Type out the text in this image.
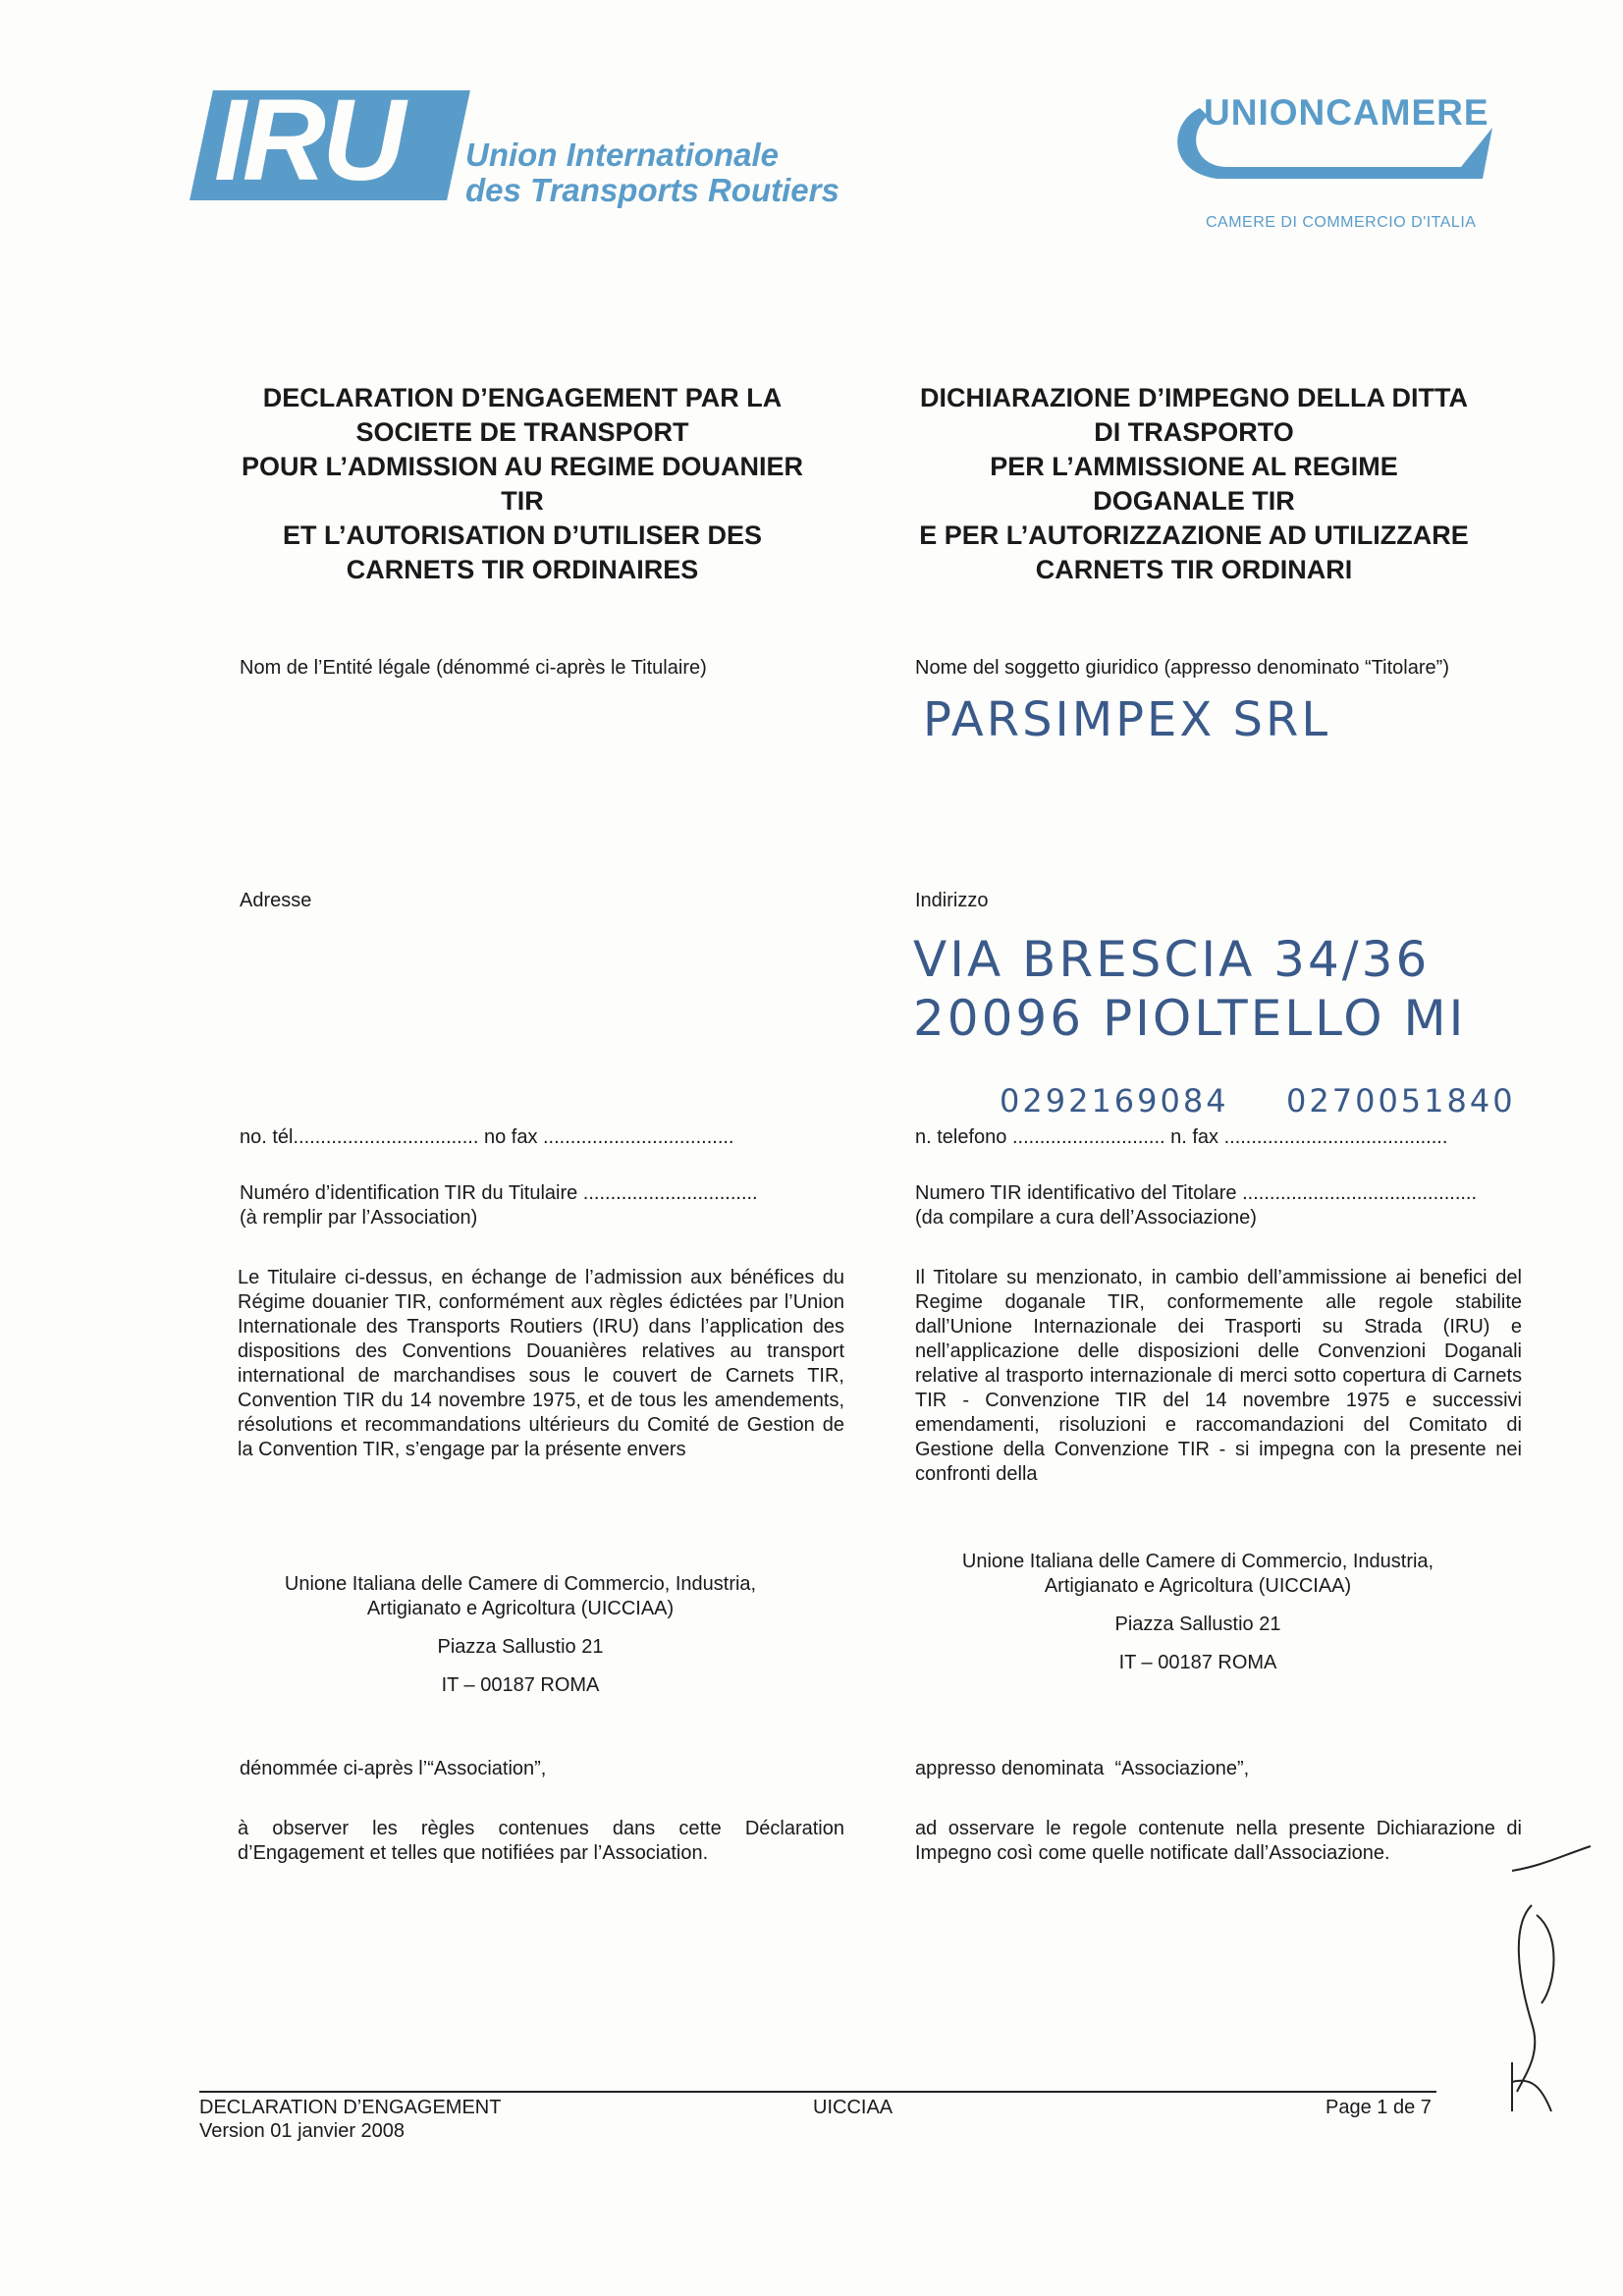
IRU Union Internationale
des Transports Routiers
UNIONCAMERE
CAMERE DI COMMERCIO D'ITALIA
DECLARATION D’ENGAGEMENT PAR LA
SOCIETE DE TRANSPORT
POUR L’ADMISSION AU REGIME DOUANIER
TIR
ET L’AUTORISATION D’UTILISER DES
CARNETS TIR ORDINAIRES
DICHIARAZIONE D’IMPEGNO DELLA DITTA
DI TRASPORTO
PER L’AMMISSIONE AL REGIME
DOGANALE TIR
E PER L’AUTORIZZAZIONE AD UTILIZZARE
CARNETS TIR ORDINARI
Nom de l’Entité légale (dénommé ci-après le Titulaire)	Nome del soggetto giuridico (appresso denominato “Titolare”)
PARSIMPEX SRL
Adresse	Indirizzo
VIA BRESCIA 34/36
20096 PIOLTELLO MI
0292169084 0270051840
no. tél.................................. no fax ...................................	n. telefono ............................ n. fax .........................................
Numéro d’identification TIR du Titulaire ................................
(à remplir par l’Association)
Numero TIR identificativo del Titolare ...........................................
(da compilare a cura dell’Associazione)
Le Titulaire ci-dessus, en échange de l’admission aux bénéfices du Régime douanier TIR, conformément aux règles édictées par l’Union Internationale des Transports Routiers (IRU) dans l’application des dispositions des Conventions Douanières relatives au transport international de marchandises sous le couvert de Carnets TIR, Convention TIR du 14 novembre 1975, et de tous les amendements, résolutions et recommandations ultérieurs du Comité de Gestion de la Convention TIR, s’engage par la présente envers
Il Titolare su menzionato, in cambio dell’ammissione ai benefici del Regime doganale TIR, conformemente alle regole stabilite dall’Unione Internazionale dei Trasporti su Strada (IRU) e nell’applicazione delle disposizioni delle Convenzioni Doganali relative al trasporto internazionale di merci sotto copertura di Carnets TIR - Convenzione TIR del 14 novembre 1975 e successivi emendamenti, risoluzioni e raccomandazioni del Comitato di Gestione della Convenzione TIR - si impegna con la presente nei confronti della
Unione Italiana delle Camere di Commercio, Industria,
Artigianato e Agricoltura (UICCIAA)
Piazza Sallustio 21
IT – 00187 ROMA
Unione Italiana delle Camere di Commercio, Industria,
Artigianato e Agricoltura (UICCIAA)
Piazza Sallustio 21
IT – 00187 ROMA
dénommée ci-après l’“Association”,	appresso denominata  “Associazione”,
à observer les règles contenues dans cette Déclaration d’Engagement et telles que notifiées par l’Association.
ad osservare le regole contenute nella presente Dichiarazione di Impegno così come quelle notificate dall’Associazione.
DECLARATION D’ENGAGEMENT
Version 01 janvier 2008
UICCIAA	Page 1 de 7
